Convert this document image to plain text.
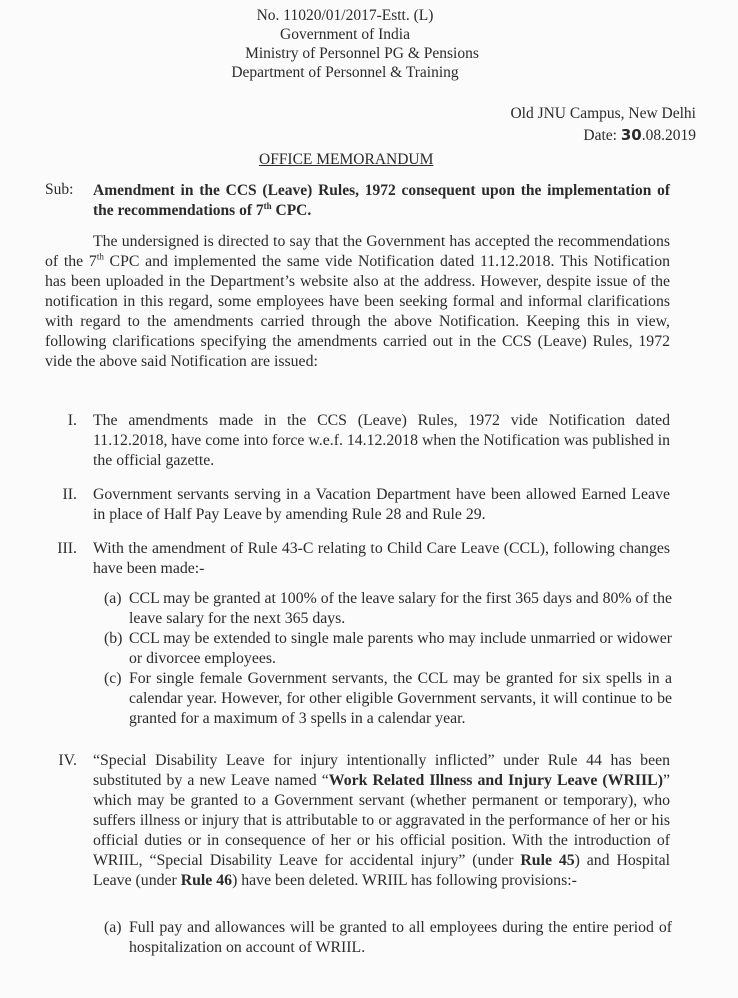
No. 11020/01/2017-Estt. (L)
Government of India
Ministry of Personnel PG & Pensions
Department of Personnel & Training
Old JNU Campus, New Delhi
Date: 30.08.2019
OFFICE MEMORANDUM
Sub: Amendment in the CCS (Leave) Rules, 1972 consequent upon the implementation of the recommendations of 7th CPC.
The undersigned is directed to say that the Government has accepted the recommendations of the 7th CPC and implemented the same vide Notification dated 11.12.2018. This Notification has been uploaded in the Department’s website also at the address. However, despite issue of the notification in this regard, some employees have been seeking formal and informal clarifications with regard to the amendments carried through the above Notification. Keeping this in view, following clarifications specifying the amendments carried out in the CCS (Leave) Rules, 1972 vide the above said Notification are issued:
I.	The amendments made in the CCS (Leave) Rules, 1972 vide Notification dated 11.12.2018, have come into force w.e.f. 14.12.2018 when the Notification was published in the official gazette.
II.	Government servants serving in a Vacation Department have been allowed Earned Leave in place of Half Pay Leave by amending Rule 28 and Rule 29.
III.	With the amendment of Rule 43-C relating to Child Care Leave (CCL), following changes have been made:-
(a) CCL may be granted at 100% of the leave salary for the first 365 days and 80% of the leave salary for the next 365 days.
(b) CCL may be extended to single male parents who may include unmarried or widower or divorcee employees.
(c) For single female Government servants, the CCL may be granted for six spells in a calendar year. However, for other eligible Government servants, it will continue to be granted for a maximum of 3 spells in a calendar year.
IV.	“Special Disability Leave for injury intentionally inflicted” under Rule 44 has been substituted by a new Leave named “Work Related Illness and Injury Leave (WRIIL)” which may be granted to a Government servant (whether permanent or temporary), who suffers illness or injury that is attributable to or aggravated in the performance of her or his official duties or in consequence of her or his official position. With the introduction of WRIIL, “Special Disability Leave for accidental injury” (under Rule 45) and Hospital Leave (under Rule 46) have been deleted. WRIIL has following provisions:-
(a) Full pay and allowances will be granted to all employees during the entire period of hospitalization on account of WRIIL.
